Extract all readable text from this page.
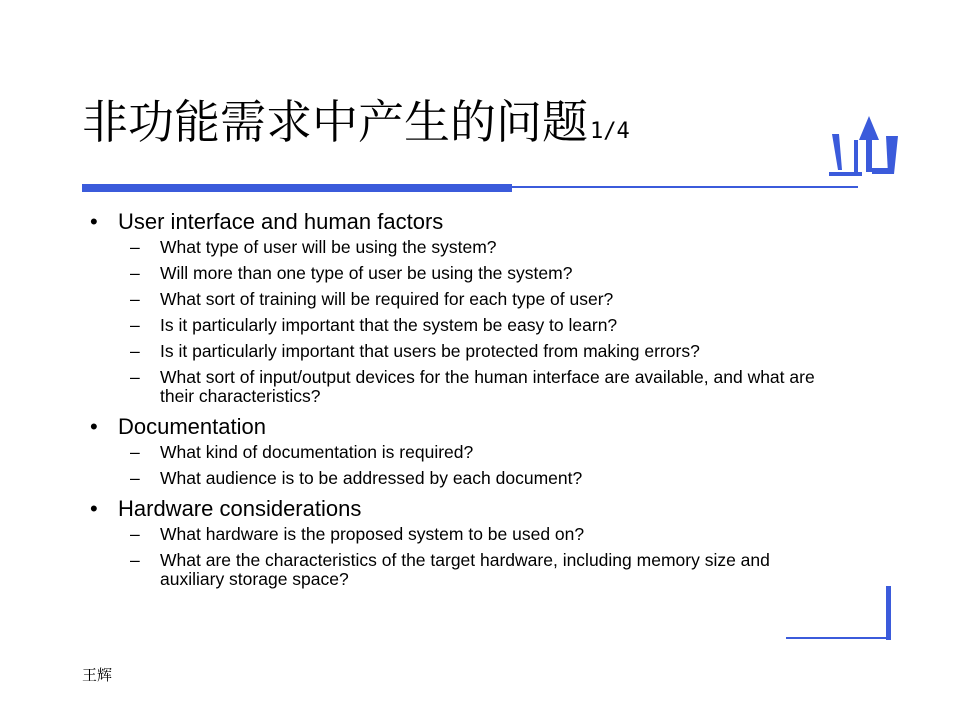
非功能需求中产生的问题1/4
• User interface and human factors
–	What type of user will be using the system?
–	Will more than one type of user be using the system?
–	What sort of training will be required for each type of user?
–	Is it particularly important that the system be easy to learn?
–	Is it particularly important that users be protected from making errors?
–	What sort of input/output devices for the human interface are available, and what are their characteristics?
• Documentation
–	What kind of documentation is required?
–	What audience is to be addressed by each document?
• Hardware considerations
–	What hardware is the proposed system to be used on?
–	What are the characteristics of the target hardware, including memory size and auxiliary storage space?
王辉
